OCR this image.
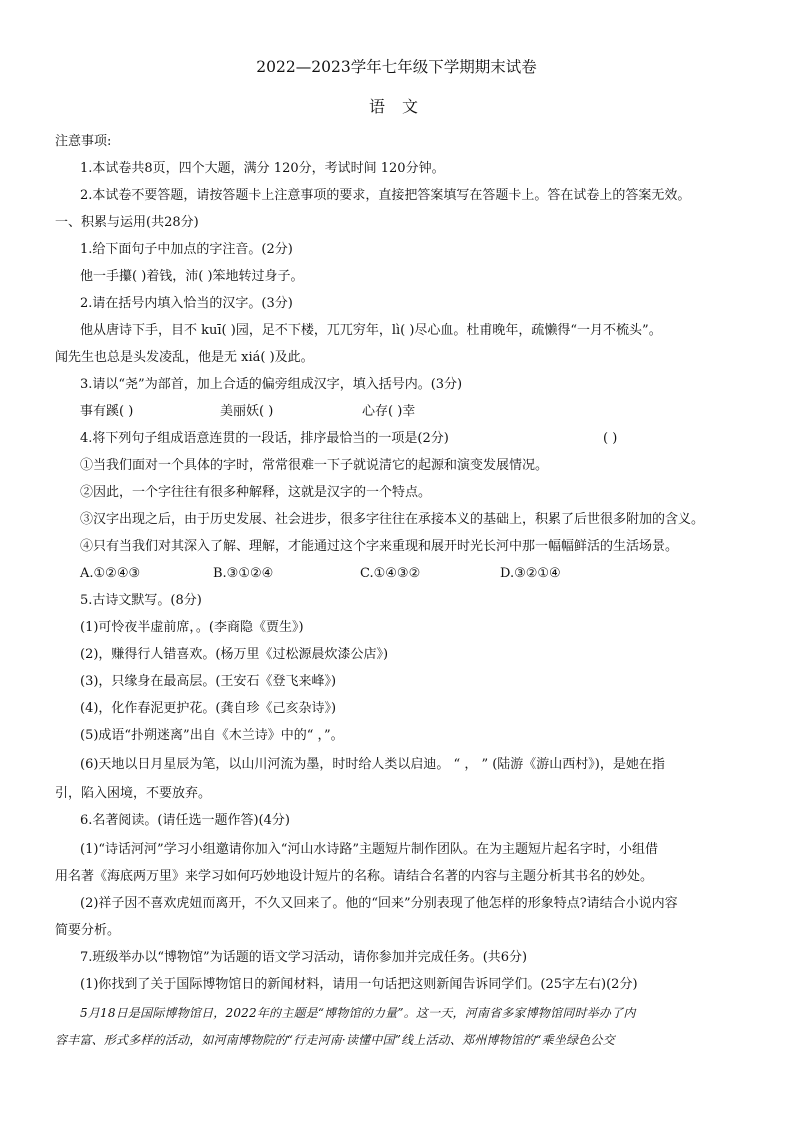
2022—2023学年七年级下学期期末试卷
语 文
注意事项:
1.本试卷共8页，四个大题，满分 120分，考试时间 120分钟。
2.本试卷不要答题，请按答题卡上注意事项的要求，直接把答案填写在答题卡上。答在试卷上的答案无效。
一、积累与运用(共28分)
1.给下面句子中加点的字注音。(2分)
他一手攥( )着钱，沛( )笨地转过身子。
2.请在括号内填入恰当的汉字。(3分)
他从唐诗下手，目不 kuī( )园，足不下楼，兀兀穷年，lì( )尽心血。杜甫晚年，疏懒得“一月不梳头”。
闻先生也总是头发凌乱，他是无 xiá( )及此。
3.请以“尧”为部首，加上合适的偏旁组成汉字，填入括号内。(3分)
事有蹊( )	美丽妖( )	心存( )幸
4.将下列句子组成语意连贯的一段话，排序最恰当的一项是(2分)	( )
①当我们面对一个具体的字时，常常很难一下子就说清它的起源和演变发展情况。
②因此，一个字往往有很多种解释，这就是汉字的一个特点。
③汉字出现之后，由于历史发展、社会进步，很多字往往在承接本义的基础上，积累了后世很多附加的含义。
④只有当我们对其深入了解、理解，才能通过这个字来重现和展开时光长河中那一幅幅鲜活的生活场景。
A.①②④③	B.③①②④	C.①④③②	D.③②①④
5.古诗文默写。(8分)
(1)可怜夜半虚前席，。(李商隐《贾生》)
(2)，赚得行人错喜欢。(杨万里《过松源晨炊漆公店》)
(3)，只缘身在最高层。(王安石《登飞来峰》)
(4)，化作春泥更护花。(龚自珍《己亥杂诗》)
(5)成语“扑朔迷离”出自《木兰诗》中的“ ，”。
(6)天地以日月星辰为笔，以山川河流为墨，时时给人类以启迪。 “ ， ” (陆游《游山西村》)，是她在指
引，陷入困境，不要放弃。
6.名著阅读。(请任选一题作答)(4分)
(1)“诗话河河”学习小组邀请你加入“河山水诗路”主题短片制作团队。在为主题短片起名字时，小组借
用名著《海底两万里》来学习如何巧妙地设计短片的名称。请结合名著的内容与主题分析其书名的妙处。
(2)祥子因不喜欢虎妞而离开，不久又回来了。他的“回来”分别表现了他怎样的形象特点?请结合小说内容
简要分析。
7.班级举办以“博物馆”为话题的语文学习活动，请你参加并完成任务。(共6分)
(1)你找到了关于国际博物馆日的新闻材料，请用一句话把这则新闻告诉同学们。(25字左右)(2分)
5月18日是国际博物馆日，2022年的主题是“博物馆的力量”。这一天，河南省多家博物馆同时举办了内
容丰富、形式多样的活动，如河南博物院的“行走河南·读懂中国”线上活动、郑州博物馆的“乘坐绿色公交
